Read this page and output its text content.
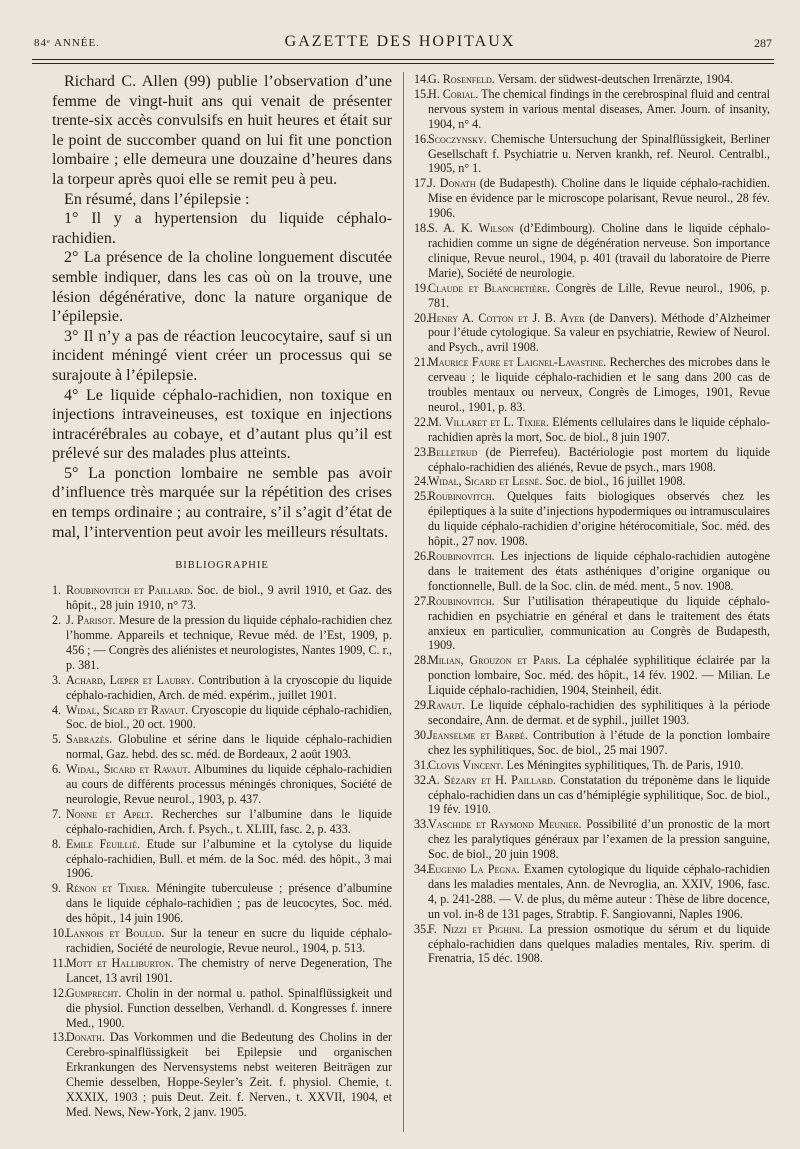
84ᵉ ANNÉE.	GAZETTE DES HOPITAUX	287

Richard C. Allen (99) publie l’observation d’une femme de vingt-huit ans qui venait de présenter trente-six accès convulsifs en huit heures et était sur le point de succomber quand on lui fit une ponction lombaire ; elle demeura une douzaine d’heures dans la torpeur après quoi elle se remit peu à peu.

En résumé, dans l’épilepsie :

1° Il y a hypertension du liquide céphalo-rachidien.

2° La présence de la choline longuement discutée semble indiquer, dans les cas où on la trouve, une lésion dégénérative, donc la nature organique de l’épilepsie.

3° Il n’y a pas de réaction leucocytaire, sauf si un incident méningé vient créer un processus qui se surajoute à l’épilepsie.

4° Le liquide céphalo-rachidien, non toxique en injections intraveineuses, est toxique en injections intracérébrales au cobaye, et d’autant plus qu’il est prélevé sur des malades plus atteints.

5° La ponction lombaire ne semble pas avoir d’influence très marquée sur la répétition des crises en temps ordinaire ; au contraire, s’il s’agit d’état de mal, l’intervention peut avoir les meilleurs résultats.

BIBLIOGRAPHIE

1. Roubinovitch et Paillard. Soc. de biol., 9 avril 1910, et Gaz. des hôpit., 28 juin 1910, n° 73.

2. J. Parisot. Mesure de la pression du liquide céphalo-rachidien chez l’homme. Appareils et technique, Revue méd. de l’Est, 1909, p. 456 ; — Congrès des aliénistes et neurologistes, Nantes 1909, C. r., p. 381.

3. Achard, Lœper et Laubry. Contribution à la cryoscopie du liquide céphalo-rachidien, Arch. de méd. expérim., juillet 1901.

4. Widal, Sicard et Ravaut. Cryoscopie du liquide céphalo-rachidien, Soc. de biol., 20 oct. 1900.

5. Sabrazès. Globuline et sérine dans le liquide céphalo-rachidien normal, Gaz. hebd. des sc. méd. de Bordeaux, 2 août 1903.

6. Widal, Sicard et Ravaut. Albumines du liquide céphalo-rachidien au cours de différents processus méningés chroniques, Société de neurologie, Revue neurol., 1903, p. 437.

7. Nonne et Apelt. Recherches sur l’albumine dans le liquide céphalo-rachidien, Arch. f. Psych., t. XLIII, fasc. 2, p. 433.

8. Emile Feuillié. Etude sur l’albumine et la cytolyse du liquide céphalo-rachidien, Bull. et mém. de la Soc. méd. des hôpit., 3 mai 1906.

9. Rénon et Tixier. Méningite tuberculeuse ; présence d’albumine dans le liquide céphalo-rachidien ; pas de leucocytes, Soc. méd. des hôpit., 14 juin 1906.

10.Lannois et Boulud. Sur la teneur en sucre du liquide céphalo-rachidien, Société de neurologie, Revue neurol., 1904, p. 513.

11.Mott et Halliburton. The chemistry of nerve Degeneration, The Lancet, 13 avril 1901.

12.Gumprecht. Cholin in der normal u. pathol. Spinalflüssigkeit und die physiol. Function desselben, Verhandl. d. Kongresses f. innere Med., 1900.

13.Donath. Das Vorkommen und die Bedeutung des Cholins in der Cerebro-spinalflüssigkeit bei Epilepsie und organischen Erkrankungen des Nervensystems nebst weiteren Beiträgen zur Chemie desselben, Hoppe-Seyler’s Zeit. f. physiol. Chemie, t. XXXIX, 1903 ; puis Deut. Zeit. f. Nerven., t. XXVII, 1904, et Med. News, New-York, 2 janv. 1905.

14.G. Rosenfeld. Versam. der südwest-deutschen Irrenärzte, 1904.

15.H. Corial. The chemical findings in the cerebrospinal fluid and central nervous system in various mental diseases, Amer. Journ. of insanity, 1904, n° 4.

16.Scoczynsky. Chemische Untersuchung der Spinalflüssigkeit, Berliner Gesellschaft f. Psychiatrie u. Nerven krankh, ref. Neurol. Centralbl., 1905, n° 1.

17.J. Donath (de Budapesth). Choline dans le liquide céphalo-rachidien. Mise en évidence par le microscope polarisant, Revue neurol., 28 fév. 1906.

18.S. A. K. Wilson (d’Edimbourg). Choline dans le liquide céphalo-rachidien comme un signe de dégénération nerveuse. Son importance clinique, Revue neurol., 1904, p. 401 (travail du laboratoire de Pierre Marie), Société de neurologie.

19.Claude et Blanchetière. Congrès de Lille, Revue neurol., 1906, p. 781.

20.Henry A. Cotton et J. B. Ayer (de Danvers). Méthode d’Alzheimer pour l’étude cytologique. Sa valeur en psychiatrie, Rewiew of Neurol. and Psych., avril 1908.

21.Maurice Faure et Laignel-Lavastine. Recherches des microbes dans le cerveau ; le liquide céphalo-rachidien et le sang dans 200 cas de troubles mentaux ou nerveux, Congrès de Limoges, 1901, Revue neurol., 1901, p. 83.

22.M. Villaret et L. Tixier. Eléments cellulaires dans le liquide céphalo-rachidien après la mort, Soc. de biol., 8 juin 1907.

23.Belletrud (de Pierrefeu). Bactériologie post mortem du liquide céphalo-rachidien des aliénés, Revue de psych., mars 1908.

24.Widal, Sicard et Lesné. Soc. de biol., 16 juillet 1908.

25.Roubinovitch. Quelques faits biologiques observés chez les épileptiques à la suite d’injections hypodermiques ou intramusculaires du liquide céphalo-rachidien d’origine hétérocomitiale, Soc. méd. des hôpit., 27 nov. 1908.

26.Roubinovitch. Les injections de liquide céphalo-rachidien autogène dans le traitement des états asthéniques d’origine organique ou fonctionnelle, Bull. de la Soc. clin. de méd. ment., 5 nov. 1908.

27.Roubinovitch. Sur l’utilisation thérapeutique du liquide céphalo-rachidien en psychiatrie en général et dans le traitement des états anxieux en particulier, communication au Congrès de Budapesth, 1909.

28.Milian, Grouzon et Paris. La céphalée syphilitique éclairée par la ponction lombaire, Soc. méd. des hôpit., 14 fév. 1902. — Milian. Le Liquide céphalo-rachidien, 1904, Steinheil, édit.

29.Ravaut. Le liquide céphalo-rachidien des syphilitiques à la période secondaire, Ann. de dermat. et de syphil., juillet 1903.

30.Jeanselme et Barbé. Contribution à l’étude de la ponction lombaire chez les syphilitiques, Soc. de biol., 25 mai 1907.

31.Clovis Vincent. Les Méningites syphilitiques, Th. de Paris, 1910.

32.A. Sézary et H. Paillard. Constatation du tréponème dans le liquide céphalo-rachidien dans un cas d’hémiplégie syphilitique, Soc. de biol., 19 fév. 1910.

33.Vaschide et Raymond Meunier. Possibilité d’un pronostic de la mort chez les paralytiques généraux par l’examen de la pression sanguine, Soc. de biol., 20 juin 1908.

34.Eugenio La Pegna. Examen cytologique du liquide céphalo-rachidien dans les maladies mentales, Ann. de Nevroglia, an. XXIV, 1906, fasc. 4, p. 241-288. — V. de plus, du même auteur : Thèse de libre docence, un vol. in-8 de 131 pages, Strabtip. F. Sangiovanni, Naples 1906.

35.F. Nizzi et Pighini. La pression osmotique du sérum et du liquide céphalo-rachidien dans quelques maladies mentales, Riv. sperim. di Frenatria, 15 déc. 1908.
